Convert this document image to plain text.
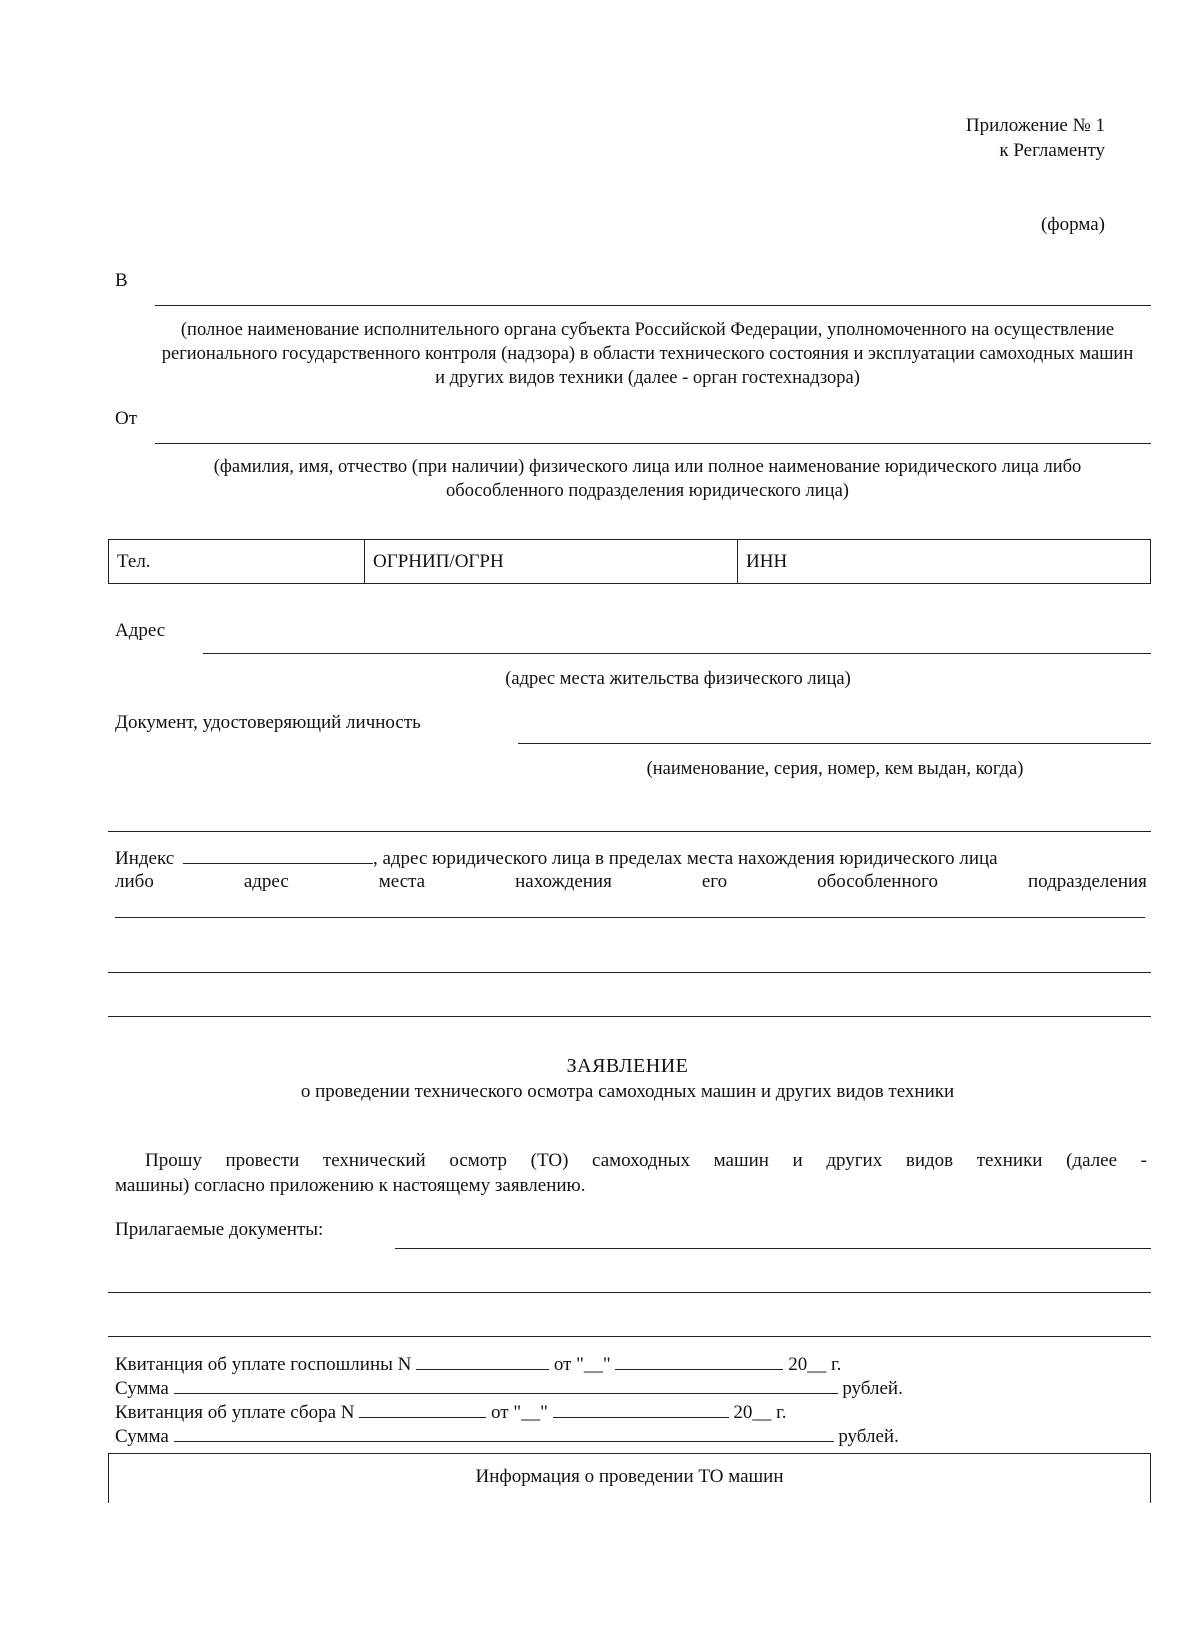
Приложение № 1
к Регламенту
(форма)
В
(полное наименование исполнительного органа субъекта Российской Федерации, уполномоченного на осуществление регионального государственного контроля (надзора) в области технического состояния и эксплуатации самоходных машин и других видов техники (далее - орган гостехнадзора)
От
(фамилия, имя, отчество (при наличии) физического лица или полное наименование юридического лица либо обособленного подразделения юридического лица)
Тел.	ОГРНИП/ОГРН	ИНН
Адрес
(адрес места жительства физического лица)
Документ, удостоверяющий личность
(наименование, серия, номер, кем выдан, когда)
Индекс	, адрес юридического лица в пределах места нахождения юридического лица
либо	адрес	места	нахождения	его	обособленного	подразделения
ЗАЯВЛЕНИЕ
о проведении технического осмотра самоходных машин и других видов техники
Прошу провести технический осмотр (ТО) самоходных машин и других видов техники (далее -
машины) согласно приложению к настоящему заявлению.
Прилагаемые документы:
Квитанция об уплате госпошлины N	от "__"	20__ г.
Сумма	рублей.
Квитанция об уплате сбора N	от "__"	20__ г.
Сумма	рублей.
Информация о проведении ТО машин
